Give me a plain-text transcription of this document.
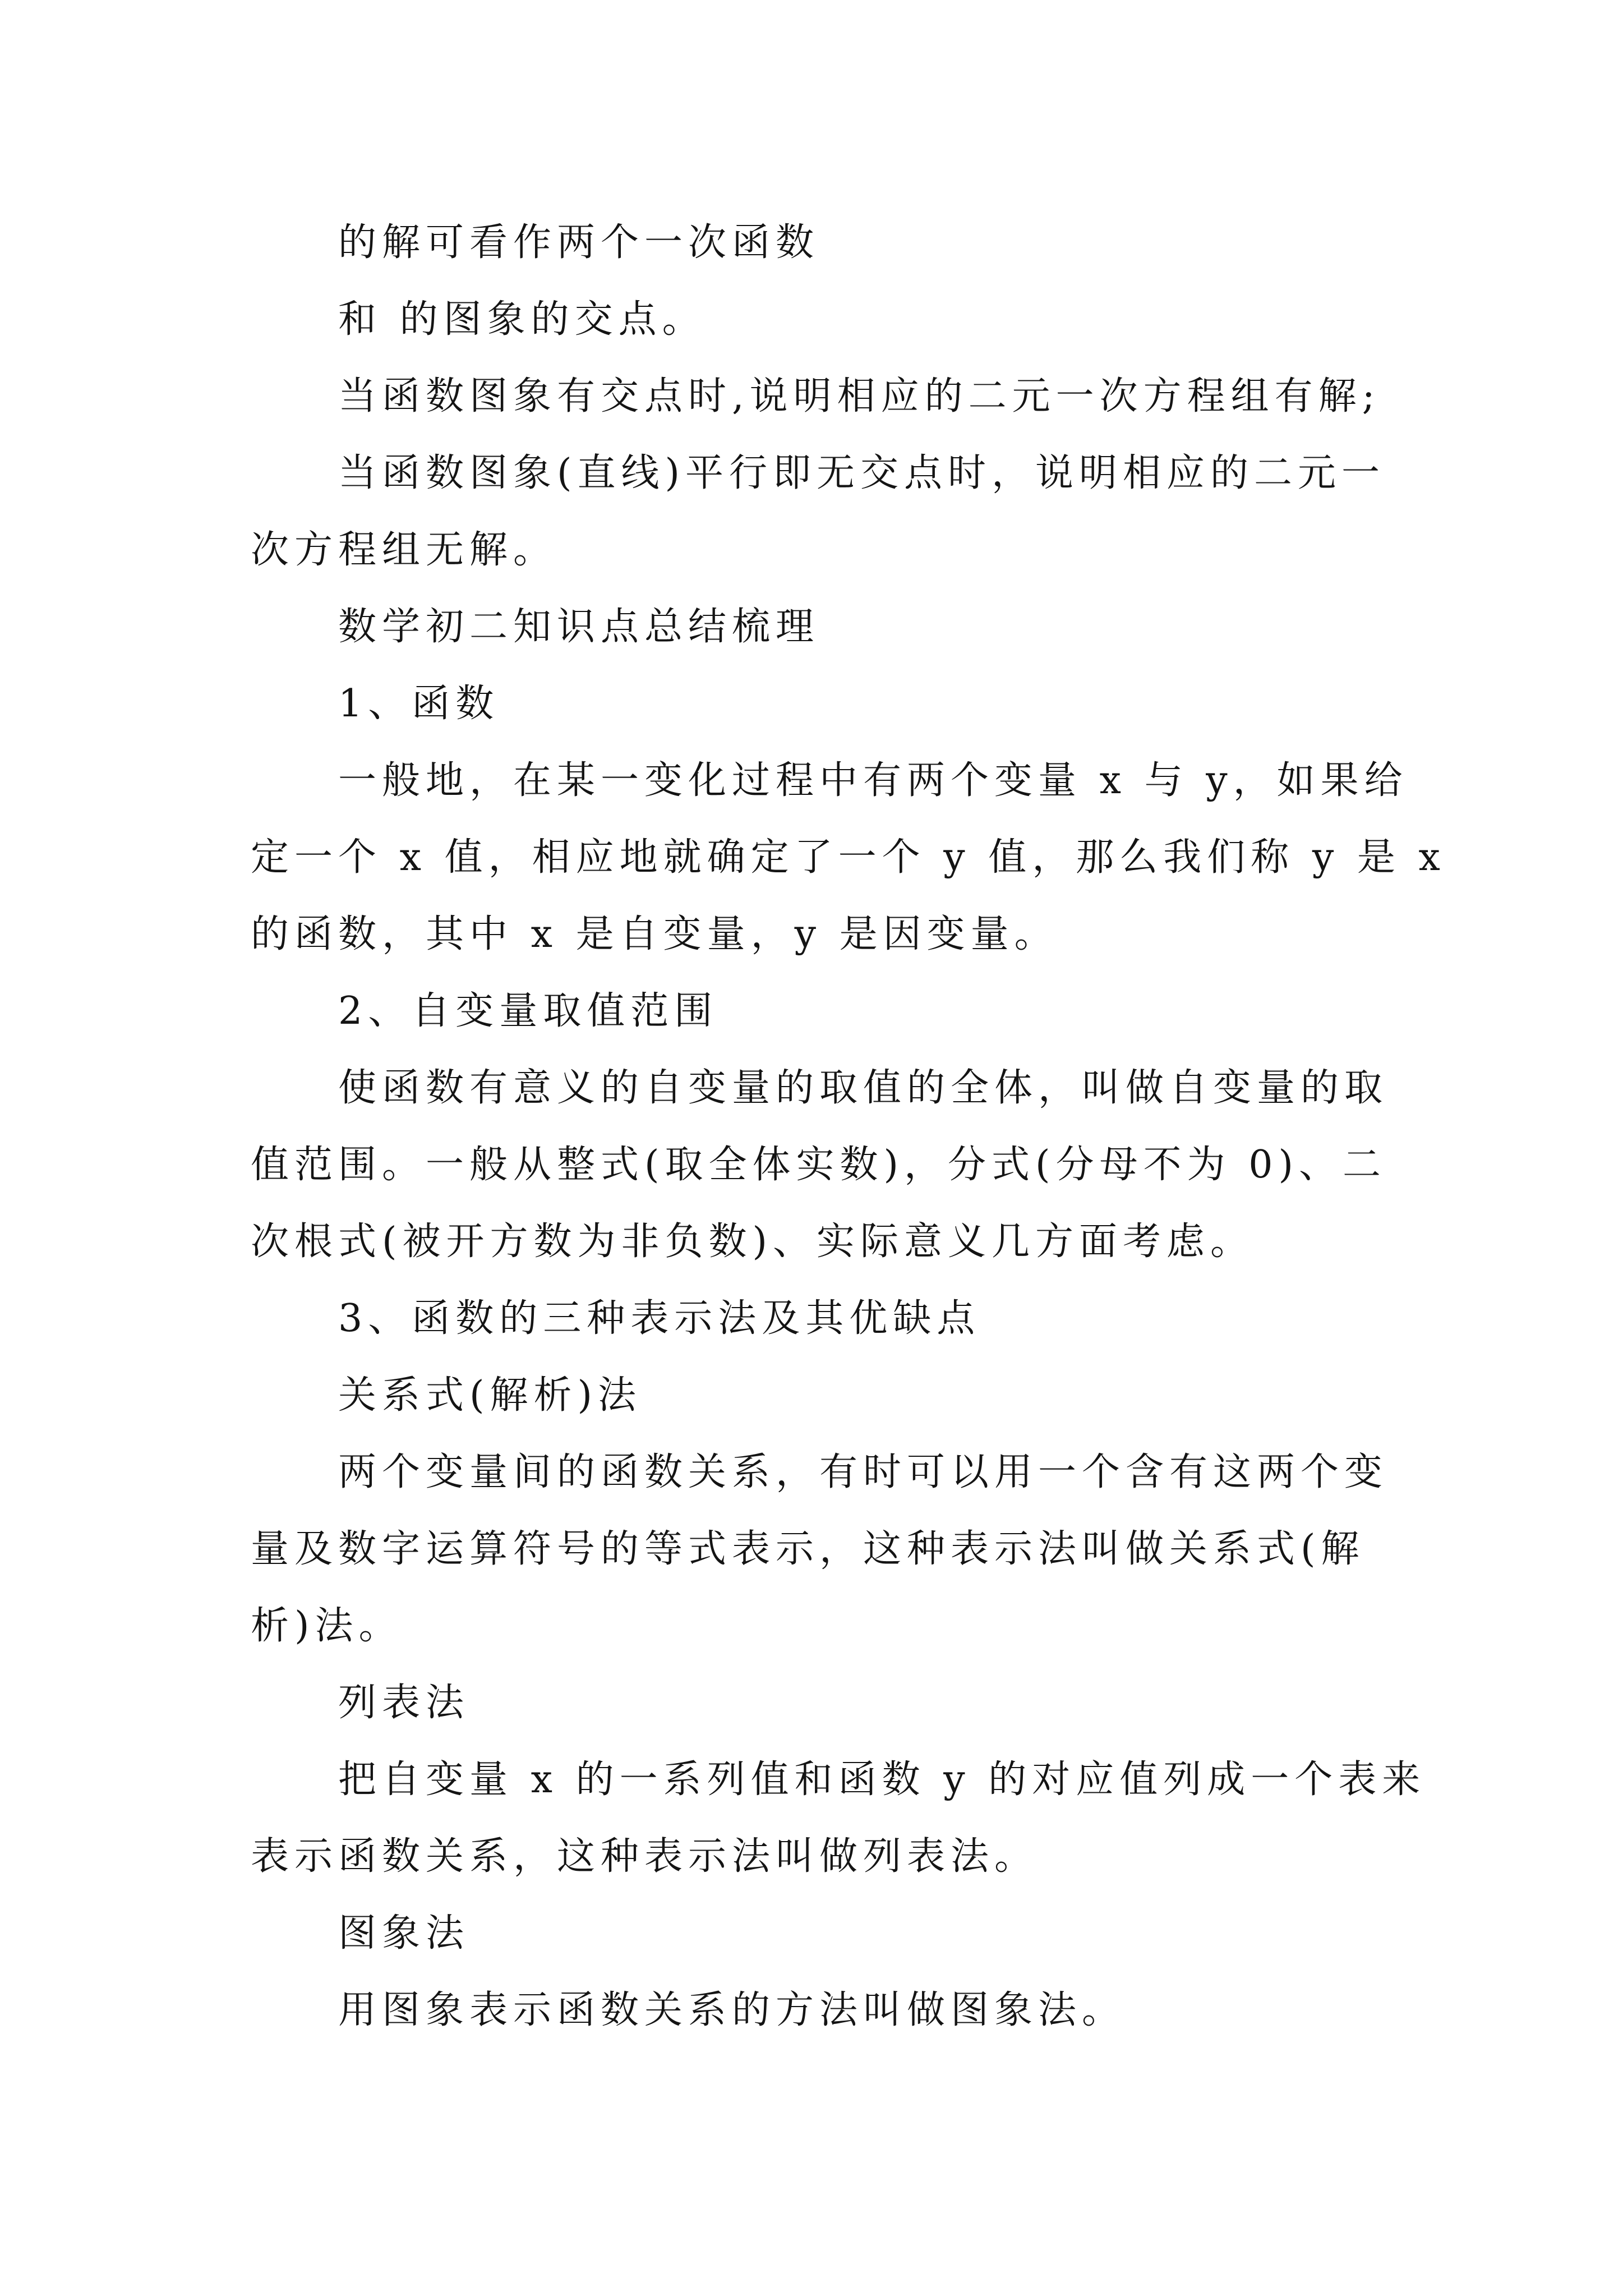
的解可看作两个一次函数
和 的图象的交点。
当函数图象有交点时,说明相应的二元一次方程组有解;
当函数图象(直线)平行即无交点时，说明相应的二元一
次方程组无解。
数学初二知识点总结梳理
1、函数
一般地，在某一变化过程中有两个变量 x 与 y，如果给
定一个 x 值，相应地就确定了一个 y 值，那么我们称 y 是 x
的函数，其中 x 是自变量，y 是因变量。
2、自变量取值范围
使函数有意义的自变量的取值的全体，叫做自变量的取
值范围。一般从整式(取全体实数)，分式(分母不为 0)、二
次根式(被开方数为非负数)、实际意义几方面考虑。
3、函数的三种表示法及其优缺点
关系式(解析)法
两个变量间的函数关系，有时可以用一个含有这两个变
量及数字运算符号的等式表示，这种表示法叫做关系式(解
析)法。
列表法
把自变量 x 的一系列值和函数 y 的对应值列成一个表来
表示函数关系，这种表示法叫做列表法。
图象法
用图象表示函数关系的方法叫做图象法。
